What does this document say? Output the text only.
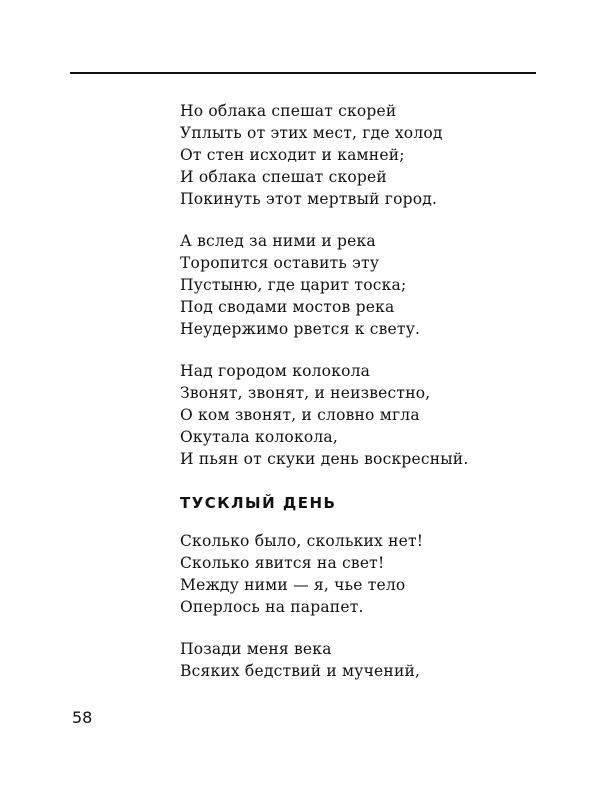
Но облака спешат скорей
Уплыть от этих мест, где холод
От стен исходит и камней;
И облака спешат скорей
Покинуть этот мертвый город.
А вслед за ними и река
Торопится оставить эту
Пустыню, где царит тоска;
Под сводами мостов река
Неудержимо рвется к свету.
Над городом колокола
Звонят, звонят, и неизвестно,
О ком звонят, и словно мгла
Окутала колокола,
И пьян от скуки день воскресный.
ТУСКЛЫЙ ДЕНЬ
Сколько было, скольких нет!
Сколько явится на свет!
Между ними — я, чье тело
Оперлось на парапет.
Позади меня века
Всяких бедствий и мучений,
58
